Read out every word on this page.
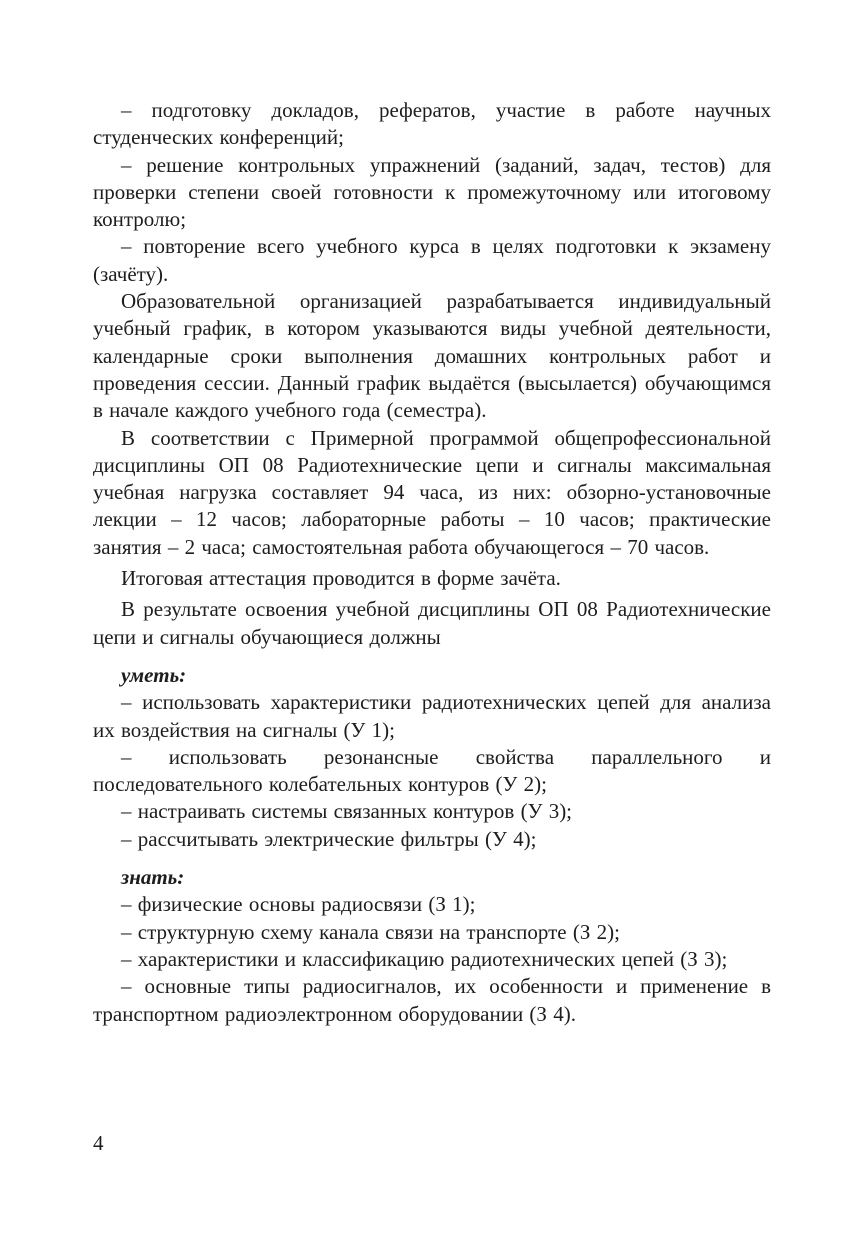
– подготовку докладов, рефератов, участие в работе научных студенческих конференций;

– решение контрольных упражнений (заданий, задач, тестов) для проверки степени своей готовности к промежуточному или итоговому контролю;

– повторение всего учебного курса в целях подготовки к экзамену (зачёту).

Образовательной организацией разрабатывается индивидуальный учебный график, в котором указываются виды учебной деятельности, календарные сроки выполнения домашних контрольных работ и проведения сессии. Данный график выдаётся (высылается) обучающимся в начале каждого учебного года (семестра).

В соответствии с Примерной программой общепрофессиональной дисциплины ОП 08 Радиотехнические цепи и сигналы максимальная учебная нагрузка составляет 94 часа, из них: обзорно-установочные лекции – 12 часов; лабораторные работы – 10 часов; практические занятия – 2 часа; самостоятельная работа обучающегося – 70 часов.

Итоговая аттестация проводится в форме зачёта.

В результате освоения учебной дисциплины ОП 08 Радиотехнические цепи и сигналы обучающиеся должны

уметь:

– использовать характеристики радиотехнических цепей для анализа их воздействия на сигналы (У 1);

– использовать резонансные свойства параллельного и последовательного колебательных контуров (У 2);

– настраивать системы связанных контуров (У 3);

– рассчитывать электрические фильтры (У 4);

знать:

– физические основы радиосвязи (З 1);

– структурную схему канала связи на транспорте (З 2);

– характеристики и классификацию радиотехнических цепей (З 3);

– основные типы радиосигналов, их особенности и применение в транспортном радиоэлектронном оборудовании (З 4).

4
